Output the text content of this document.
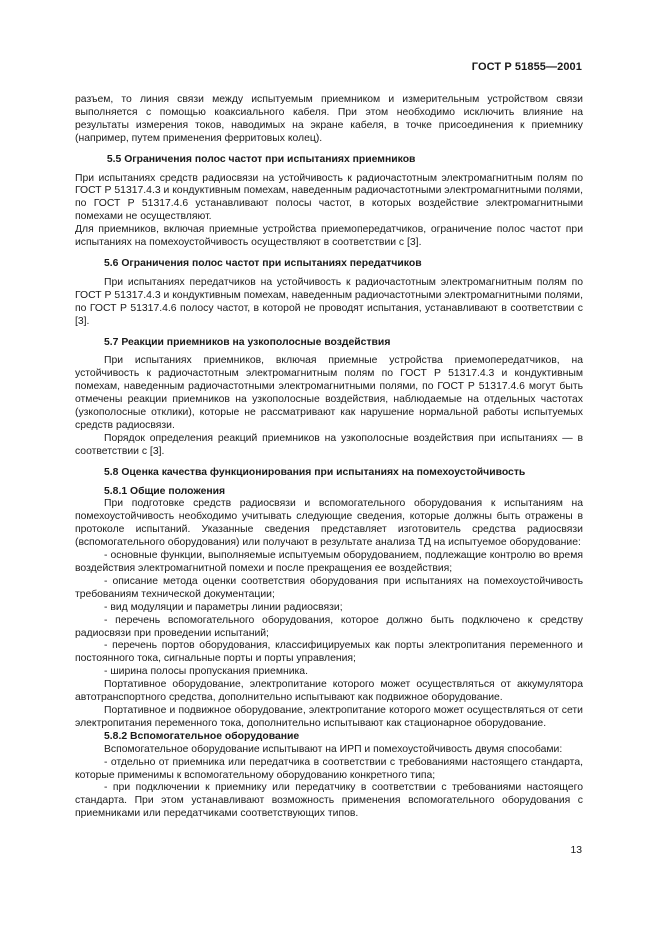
ГОСТ Р 51855—2001

разъем, то линия связи между испытуемым приемником и измерительным устройством связи выполняется с помощью коаксиального кабеля. При этом необходимо исключить влияние на результаты измерения токов, наводимых на экране кабеля, в точке присоединения к приемнику (например, путем применения ферритовых колец).

5.5 Ограничения полос частот при испытаниях приемников

При испытаниях средств радиосвязи на устойчивость к радиочастотным электромагнитным полям по ГОСТ Р 51317.4.3 и кондуктивным помехам, наведенным радиочастотными электромагнитными полями, по ГОСТ Р 51317.4.6 устанавливают полосы частот, в которых воздействие электромагнитными помехами не осуществляют.

Для приемников, включая приемные устройства приемопередатчиков, ограничение полос частот при испытаниях на помехоустойчивость осуществляют в соответствии с [3].

5.6 Ограничения полос частот при испытаниях передатчиков

При испытаниях передатчиков на устойчивость к радиочастотным электромагнитным полям по ГОСТ Р 51317.4.3 и кондуктивным помехам, наведенным радиочастотными электромагнитными полями, по ГОСТ Р 51317.4.6 полосу частот, в которой не проводят испытания, устанавливают в соответствии с [3].

5.7 Реакции приемников на узкополосные воздействия

При испытаниях приемников, включая приемные устройства приемопередатчиков, на устойчивость к радиочастотным электромагнитным полям по ГОСТ Р 51317.4.3 и кондуктивным помехам, наведенным радиочастотными электромагнитными полями, по ГОСТ Р 51317.4.6 могут быть отмечены реакции приемников на узкополосные воздействия, наблюдаемые на отдельных частотах (узкополосные отклики), которые не рассматривают как нарушение нормальной работы испытуемых средств радиосвязи.

Порядок определения реакций приемников на узкополосные воздействия при испытаниях — в соответствии с [3].

5.8 Оценка качества функционирования при испытаниях на помехоустойчивость
5.8.1 Общие положения

При подготовке средств радиосвязи и вспомогательного оборудования к испытаниям на помехоустойчивость необходимо учитывать следующие сведения, которые должны быть отражены в протоколе испытаний. Указанные сведения представляет изготовитель средства радиосвязи (вспомогательного оборудования) или получают в результате анализа ТД на испытуемое оборудование:

- основные функции, выполняемые испытуемым оборудованием, подлежащие контролю во время воздействия электромагнитной помехи и после прекращения ее воздействия;

- описание метода оценки соответствия оборудования при испытаниях на помехоустойчивость требованиям технической документации;

- вид модуляции и параметры линии радиосвязи;

- перечень вспомогательного оборудования, которое должно быть подключено к средству радиосвязи при проведении испытаний;

- перечень портов оборудования, классифицируемых как порты электропитания переменного и постоянного тока, сигнальные порты и порты управления;

- ширина полосы пропускания приемника.

Портативное оборудование, электропитание которого может осуществляться от аккумулятора автотранспортного средства, дополнительно испытывают как подвижное оборудование.

Портативное и подвижное оборудование, электропитание которого может осуществляться от сети электропитания переменного тока, дополнительно испытывают как стационарное оборудование.

5.8.2 Вспомогательное оборудование

Вспомогательное оборудование испытывают на ИРП и помехоустойчивость двумя способами:

- отдельно от приемника или передатчика в соответствии с требованиями настоящего стандарта, которые применимы к вспомогательному оборудованию конкретного типа;

- при подключении к приемнику или передатчику в соответствии с требованиями настоящего стандарта. При этом устанавливают возможность применения вспомогательного оборудования с приемниками или передатчиками соответствующих типов.

13
